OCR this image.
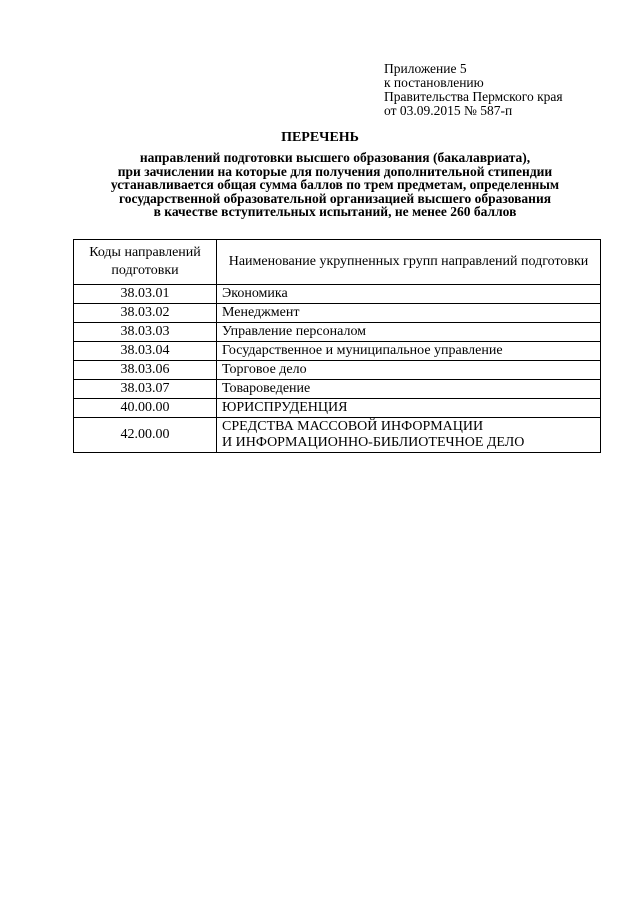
Приложение 5
к постановлению
Правительства Пермского края
от 03.09.2015 № 587-п
ПЕРЕЧЕНЬ
направлений подготовки высшего образования (бакалавриата),
при зачислении на которые для получения дополнительной стипендии
устанавливается общая сумма баллов по трем предметам, определенным
государственной образовательной организацией высшего образования
в качестве вступительных испытаний, не менее 260 баллов
Коды направлений подготовки	Наименование укрупненных групп направлений подготовки
38.03.01	Экономика
38.03.02	Менеджмент
38.03.03	Управление персоналом
38.03.04	Государственное и муниципальное управление
38.03.06	Торговое дело
38.03.07	Товароведение
40.00.00	ЮРИСПРУДЕНЦИЯ
42.00.00	СРЕДСТВА МАССОВОЙ ИНФОРМАЦИИ
И ИНФОРМАЦИОННО-БИБЛИОТЕЧНОЕ ДЕЛО
